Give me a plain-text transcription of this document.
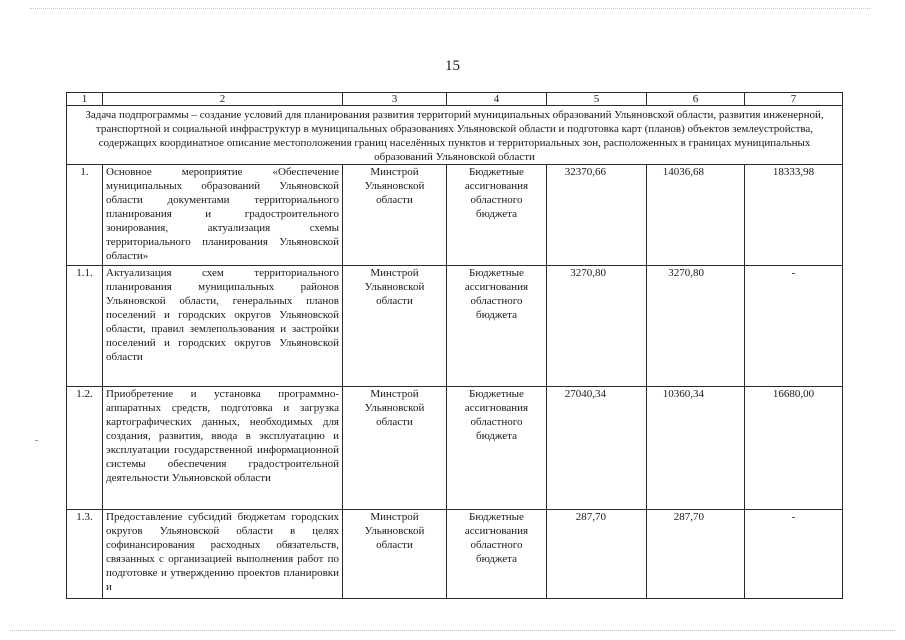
15
1	2	3	4	5	6	7
Задача подпрограммы – создание условий для планирования развития территорий муниципальных образований Ульяновской области, развития инженерной, транспортной и социальной инфраструктур в муниципальных образованиях Ульяновской области и подготовка карт (планов) объектов землеустройства, содержащих координатное описание местоположения границ населённых пунктов и территориальных зон, расположенных в границах муниципальных образований Ульяновской области						
1.	Основное мероприятие «Обеспечение муниципальных образований Ульяновской области документами территориального планирования и градостроительного зонирования, актуализация схемы территориального планирования Ульяновской области»	Минстрой Ульяновской области	Бюджетные ассигнования областного бюджета	32370,66	14036,68	18333,98
1.1.	Актуализация схем территориального планирования муниципальных районов Ульяновской области, генеральных планов поселений и городских округов Ульяновской области, правил землепользования и застройки поселений и городских округов Ульяновской области	Минстрой Ульяновской области	Бюджетные ассигнования областного бюджета	3270,80	3270,80	-
1.2.	Приобретение и установка программно-аппаратных средств, подготовка и загрузка картографических данных, необходимых для создания, развития, ввода в эксплуатацию и эксплуатации государственной информационной системы обеспечения градостроительной деятельности Ульяновской области	Минстрой Ульяновской области	Бюджетные ассигнования областного бюджета	27040,34	10360,34	16680,00
1.3.	Предоставление субсидий бюджетам городских округов Ульяновской области в целях софинансирования расходных обязательств, связанных с организацией выполнения работ по подготовке и утверждению проектов планировки и	Минстрой Ульяновской области	Бюджетные ассигнования областного бюджета	287,70	287,70	-
